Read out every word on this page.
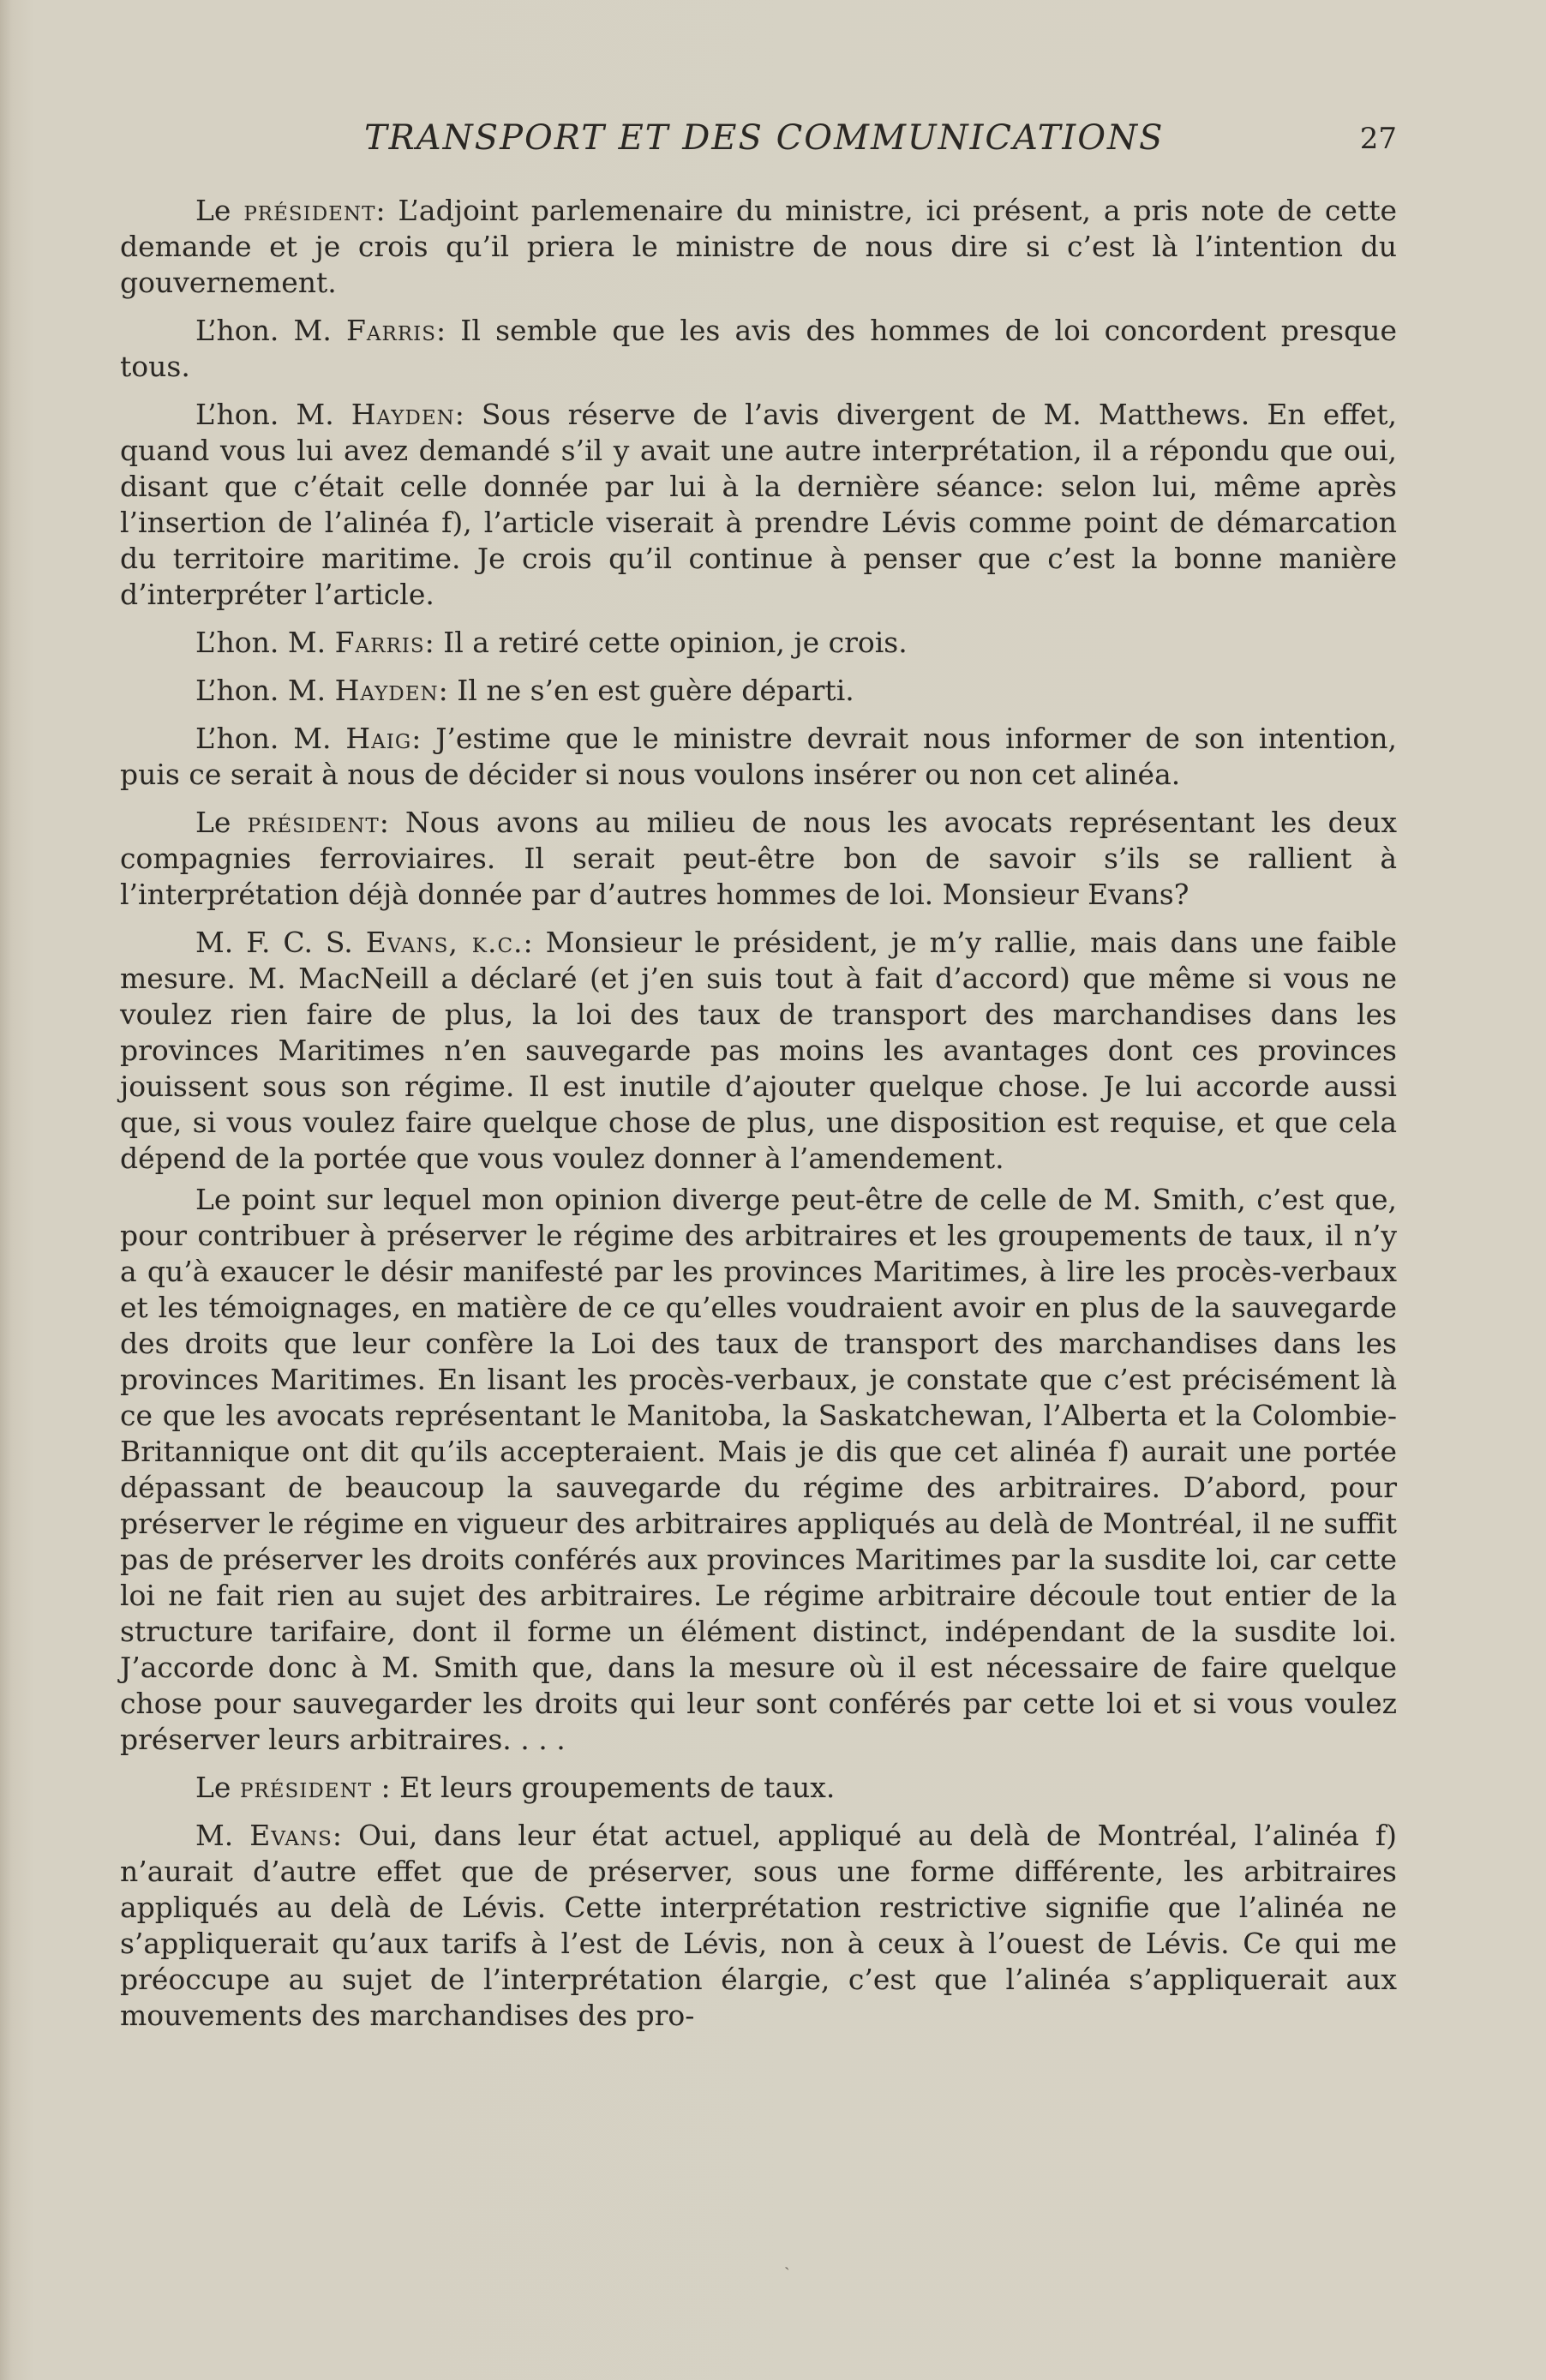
TRANSPORT ET DES COMMUNICATIONS	27

Le président: L’adjoint parlemenaire du ministre, ici présent, a pris note de cette demande et je crois qu’il priera le ministre de nous dire si c’est là l’intention du gouvernement.

L’hon. M. Farris: Il semble que les avis des hommes de loi concordent presque tous.

L’hon. M. Hayden: Sous réserve de l’avis divergent de M. Matthews. En effet, quand vous lui avez demandé s’il y avait une autre interprétation, il a répondu que oui, disant que c’était celle donnée par lui à la dernière séance: selon lui, même après l’insertion de l’alinéa f), l’article viserait à prendre Lévis comme point de démarcation du territoire maritime. Je crois qu’il continue à penser que c’est la bonne manière d’interpréter l’article.

L’hon. M. Farris: Il a retiré cette opinion, je crois.

L’hon. M. Hayden: Il ne s’en est guère départi.

L’hon. M. Haig: J’estime que le ministre devrait nous informer de son intention, puis ce serait à nous de décider si nous voulons insérer ou non cet alinéa.

Le président: Nous avons au milieu de nous les avocats représentant les deux compagnies ferroviaires. Il serait peut-être bon de savoir s’ils se rallient à l’interprétation déjà donnée par d’autres hommes de loi. Monsieur Evans?

M. F. C. S. Evans, k.c.: Monsieur le président, je m’y rallie, mais dans une faible mesure. M. MacNeill a déclaré (et j’en suis tout à fait d’accord) que même si vous ne voulez rien faire de plus, la loi des taux de transport des marchandises dans les provinces Maritimes n’en sauvegarde pas moins les avantages dont ces provinces jouissent sous son régime. Il est inutile d’ajouter quelque chose. Je lui accorde aussi que, si vous voulez faire quelque chose de plus, une disposition est requise, et que cela dépend de la portée que vous voulez donner à l’amendement.

Le point sur lequel mon opinion diverge peut-être de celle de M. Smith, c’est que, pour contribuer à préserver le régime des arbitraires et les groupements de taux, il n’y a qu’à exaucer le désir manifesté par les provinces Maritimes, à lire les procès-verbaux et les témoignages, en matière de ce qu’elles voudraient avoir en plus de la sauvegarde des droits que leur confère la Loi des taux de transport des marchandises dans les provinces Maritimes. En lisant les procès-verbaux, je constate que c’est précisément là ce que les avocats représentant le Manitoba, la Saskatchewan, l’Alberta et la Colombie-Britannique ont dit qu’ils accepteraient. Mais je dis que cet alinéa f) aurait une portée dépassant de beaucoup la sauvegarde du régime des arbitraires. D’abord, pour préserver le régime en vigueur des arbitraires appliqués au delà de Montréal, il ne suffit pas de préserver les droits conférés aux provinces Maritimes par la susdite loi, car cette loi ne fait rien au sujet des arbitraires. Le régime arbitraire découle tout entier de la structure tarifaire, dont il forme un élément distinct, indépendant de la susdite loi. J’accorde donc à M. Smith que, dans la mesure où il est nécessaire de faire quelque chose pour sauvegarder les droits qui leur sont conférés par cette loi et si vous voulez préserver leurs arbitraires. . . .

Le président : Et leurs groupements de taux.

M. Evans: Oui, dans leur état actuel, appliqué au delà de Montréal, l’alinéa f) n’aurait d’autre effet que de préserver, sous une forme différente, les arbitraires appliqués au delà de Lévis. Cette interprétation restrictive signifie que l’alinéa ne s’appliquerait qu’aux tarifs à l’est de Lévis, non à ceux à l’ouest de Lévis. Ce qui me préoccupe au sujet de l’interprétation élargie, c’est que l’alinéa s’appliquerait aux mouvements des marchandises des pro-

ˎ
